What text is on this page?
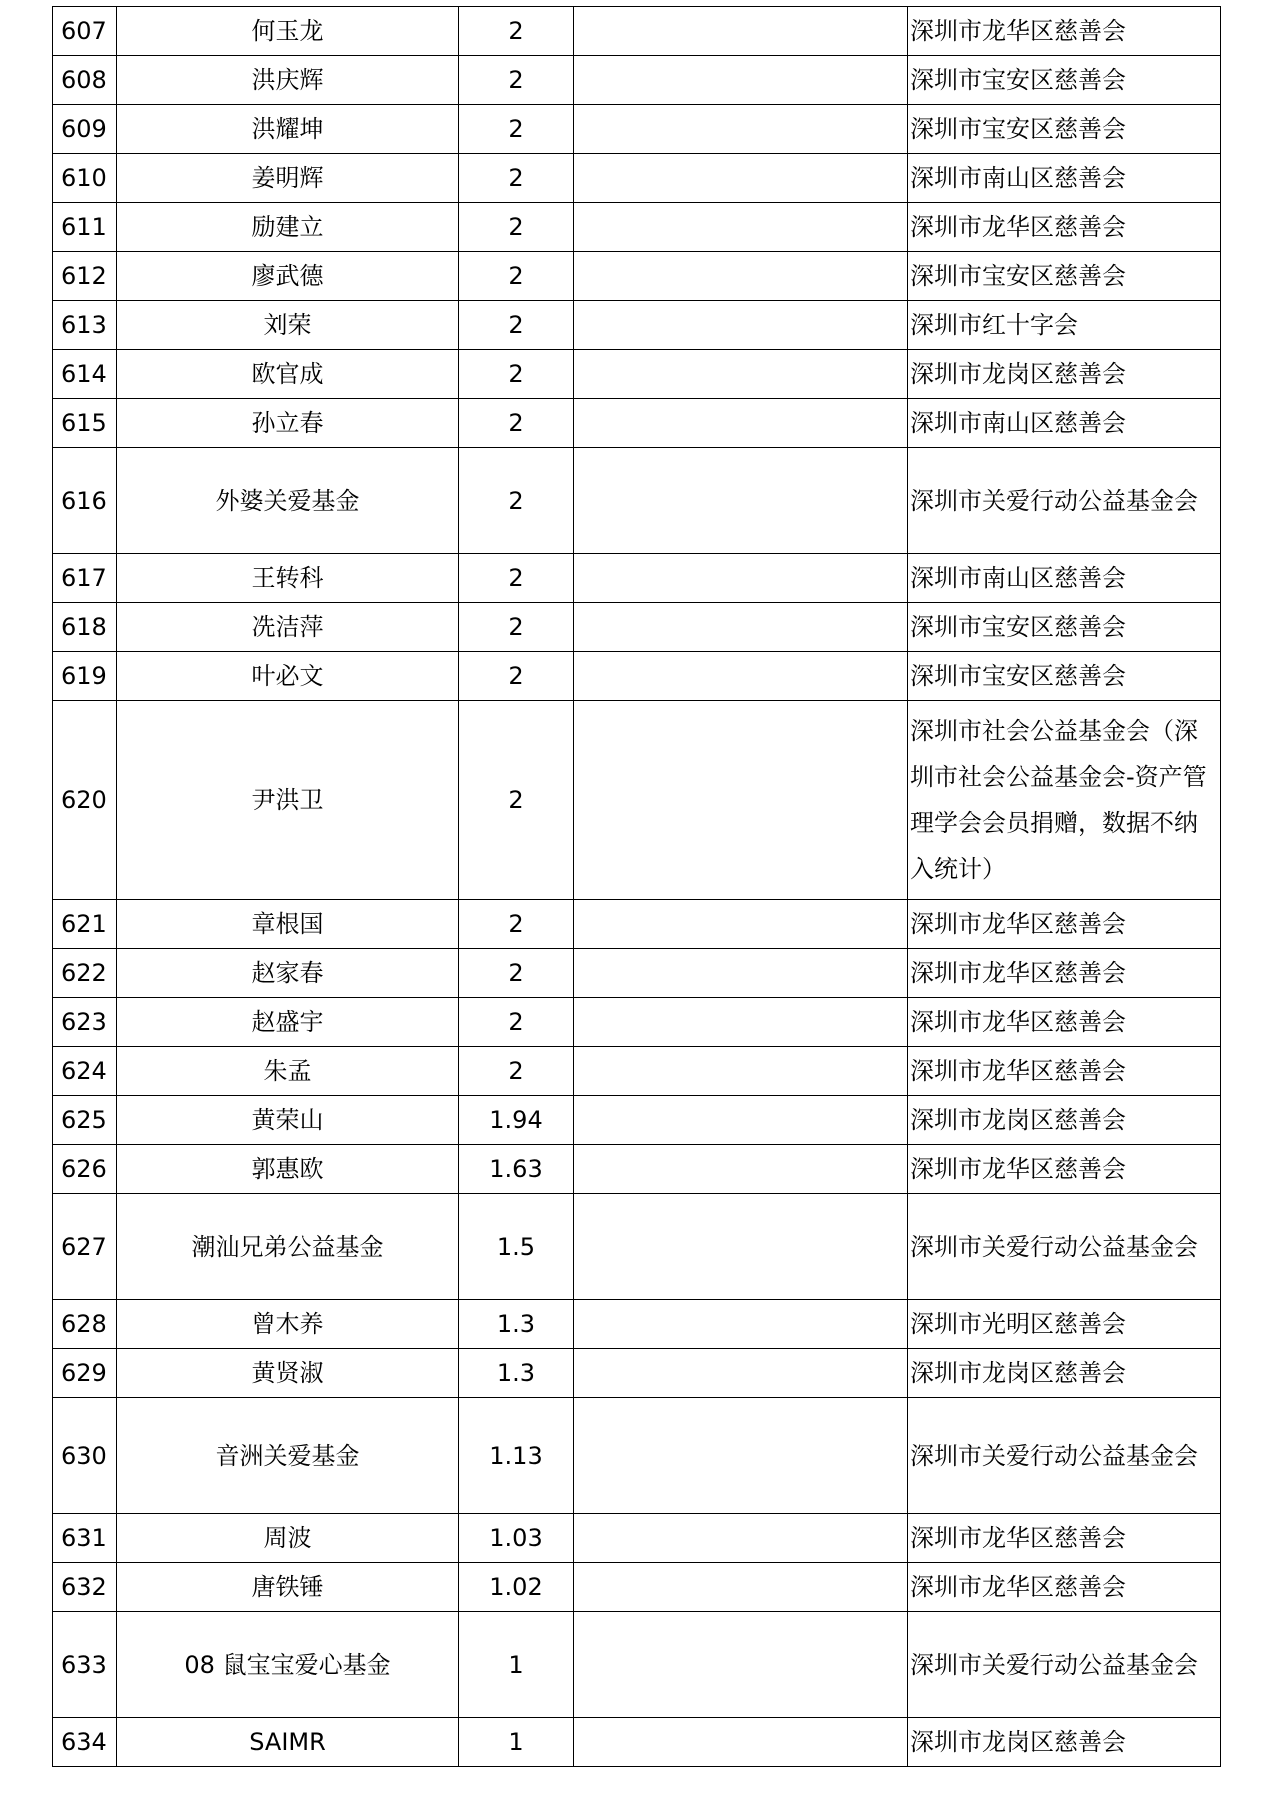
607	何玉龙	2		深圳市龙华区慈善会
608	洪庆辉	2		深圳市宝安区慈善会
609	洪耀坤	2		深圳市宝安区慈善会
610	姜明辉	2		深圳市南山区慈善会
611	励建立	2		深圳市龙华区慈善会
612	廖武德	2		深圳市宝安区慈善会
613	刘荣	2		深圳市红十字会
614	欧官成	2		深圳市龙岗区慈善会
615	孙立春	2		深圳市南山区慈善会
616	外婆关爱基金	2		深圳市关爱行动公益基金会
617	王转科	2		深圳市南山区慈善会
618	冼洁萍	2		深圳市宝安区慈善会
619	叶必文	2		深圳市宝安区慈善会
620	尹洪卫	2		深圳市社会公益基金会（深圳市社会公益基金会-资产管理学会会员捐赠，数据不纳入统计）
621	章根国	2		深圳市龙华区慈善会
622	赵家春	2		深圳市龙华区慈善会
623	赵盛宇	2		深圳市龙华区慈善会
624	朱孟	2		深圳市龙华区慈善会
625	黄荣山	1.94		深圳市龙岗区慈善会
626	郭惠欧	1.63		深圳市龙华区慈善会
627	潮汕兄弟公益基金	1.5		深圳市关爱行动公益基金会
628	曾木养	1.3		深圳市光明区慈善会
629	黄贤淑	1.3		深圳市龙岗区慈善会
630	音洲关爱基金	1.13		深圳市关爱行动公益基金会
631	周波	1.03		深圳市龙华区慈善会
632	唐铁锤	1.02		深圳市龙华区慈善会
633	08 鼠宝宝爱心基金	1		深圳市关爱行动公益基金会
634	SAIMR	1		深圳市龙岗区慈善会
